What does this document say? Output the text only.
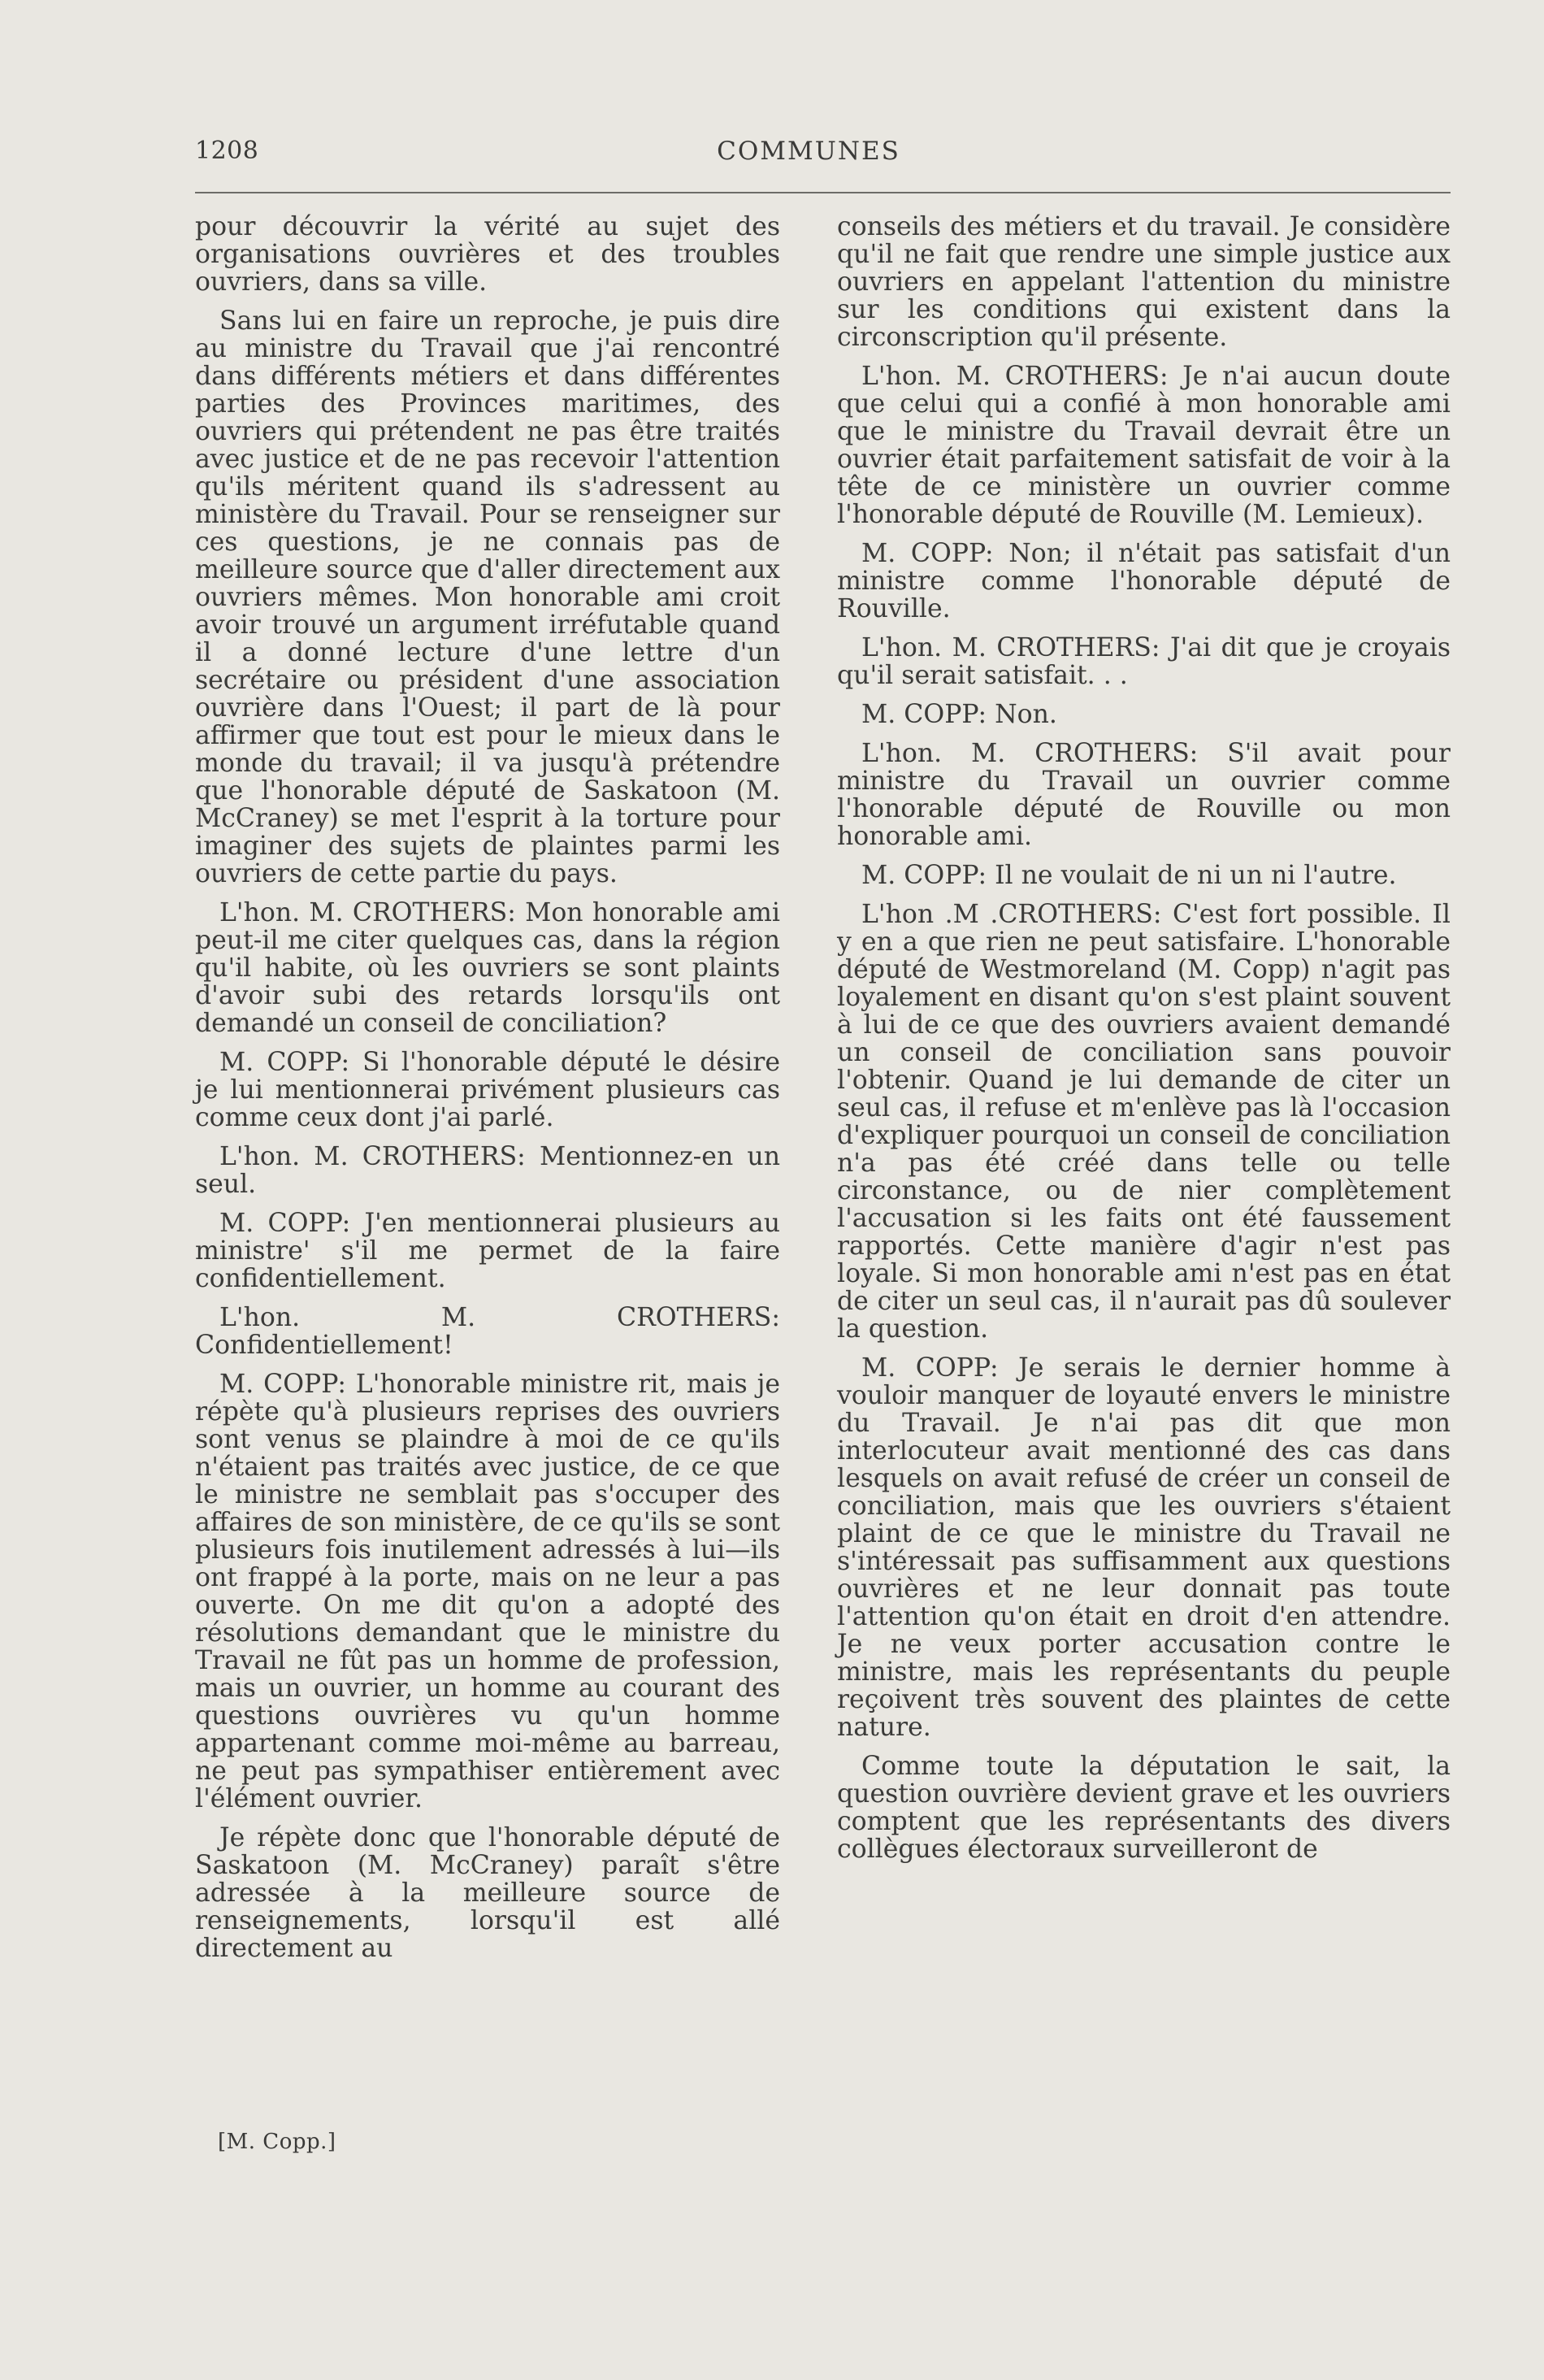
1208	COMMUNES

pour découvrir la vérité au sujet des organisations ouvrières et des troubles ouvriers, dans sa ville.

Sans lui en faire un reproche, je puis dire au ministre du Travail que j'ai rencontré dans différents métiers et dans différentes parties des Provinces maritimes, des ouvriers qui prétendent ne pas être traités avec justice et de ne pas recevoir l'attention qu'ils méritent quand ils s'adressent au ministère du Travail. Pour se renseigner sur ces questions, je ne connais pas de meilleure source que d'aller directement aux ouvriers mêmes. Mon honorable ami croit avoir trouvé un argument irréfutable quand il a donné lecture d'une lettre d'un secrétaire ou président d'une association ouvrière dans l'Ouest; il part de là pour affirmer que tout est pour le mieux dans le monde du travail; il va jusqu'à prétendre que l'honorable député de Saskatoon (M. McCraney) se met l'esprit à la torture pour imaginer des sujets de plaintes parmi les ouvriers de cette partie du pays.

L'hon. M. CROTHERS: Mon honorable ami peut-il me citer quelques cas, dans la région qu'il habite, où les ouvriers se sont plaints d'avoir subi des retards lorsqu'ils ont demandé un conseil de conciliation?

M. COPP: Si l'honorable député le désire je lui mentionnerai privément plusieurs cas comme ceux dont j'ai parlé.

L'hon. M. CROTHERS: Mentionnez-en un seul.

M. COPP: J'en mentionnerai plusieurs au ministre' s'il me permet de la faire confidentiellement.

L'hon. M. CROTHERS: Confidentiellement!

M. COPP: L'honorable ministre rit, mais je répète qu'à plusieurs reprises des ouvriers sont venus se plaindre à moi de ce qu'ils n'étaient pas traités avec justice, de ce que le ministre ne semblait pas s'occuper des affaires de son ministère, de ce qu'ils se sont plusieurs fois inutilement adressés à lui—ils ont frappé à la porte, mais on ne leur a pas ouverte. On me dit qu'on a adopté des résolutions demandant que le ministre du Travail ne fût pas un homme de profession, mais un ouvrier, un homme au courant des questions ouvrières vu qu'un homme appartenant comme moi-même au barreau, ne peut pas sympathiser entièrement avec l'élément ouvrier.

Je répète donc que l'honorable député de Saskatoon (M. McCraney) paraît s'être adressée à la meilleure source de renseignements, lorsqu'il est allé directement au

[M. Copp.]

conseils des métiers et du travail. Je considère qu'il ne fait que rendre une simple justice aux ouvriers en appelant l'attention du ministre sur les conditions qui existent dans la circonscription qu'il présente.

L'hon. M. CROTHERS: Je n'ai aucun doute que celui qui a confié à mon honorable ami que le ministre du Travail devrait être un ouvrier était parfaitement satisfait de voir à la tête de ce ministère un ouvrier comme l'honorable député de Rouville (M. Lemieux).

M. COPP: Non; il n'était pas satisfait d'un ministre comme l'honorable député de Rouville.

L'hon. M. CROTHERS: J'ai dit que je croyais qu'il serait satisfait. . .

M. COPP: Non.

L'hon. M. CROTHERS: S'il avait pour ministre du Travail un ouvrier comme l'honorable député de Rouville ou mon honorable ami.

M. COPP: Il ne voulait de ni un ni l'autre.

L'hon .M .CROTHERS: C'est fort possible. Il y en a que rien ne peut satisfaire. L'honorable député de Westmoreland (M. Copp) n'agit pas loyalement en disant qu'on s'est plaint souvent à lui de ce que des ouvriers avaient demandé un conseil de conciliation sans pouvoir l'obtenir. Quand je lui demande de citer un seul cas, il refuse et m'enlève pas là l'occasion d'expliquer pourquoi un conseil de conciliation n'a pas été créé dans telle ou telle circonstance, ou de nier complètement l'accusation si les faits ont été faussement rapportés. Cette manière d'agir n'est pas loyale. Si mon honorable ami n'est pas en état de citer un seul cas, il n'aurait pas dû soulever la question.

M. COPP: Je serais le dernier homme à vouloir manquer de loyauté envers le ministre du Travail. Je n'ai pas dit que mon interlocuteur avait mentionné des cas dans lesquels on avait refusé de créer un conseil de conciliation, mais que les ouvriers s'étaient plaint de ce que le ministre du Travail ne s'intéressait pas suffisamment aux questions ouvrières et ne leur donnait pas toute l'attention qu'on était en droit d'en attendre. Je ne veux porter accusation contre le ministre, mais les représentants du peuple reçoivent très souvent des plaintes de cette nature.

Comme toute la députation le sait, la question ouvrière devient grave et les ouvriers comptent que les représentants des divers collègues électoraux surveilleront de
